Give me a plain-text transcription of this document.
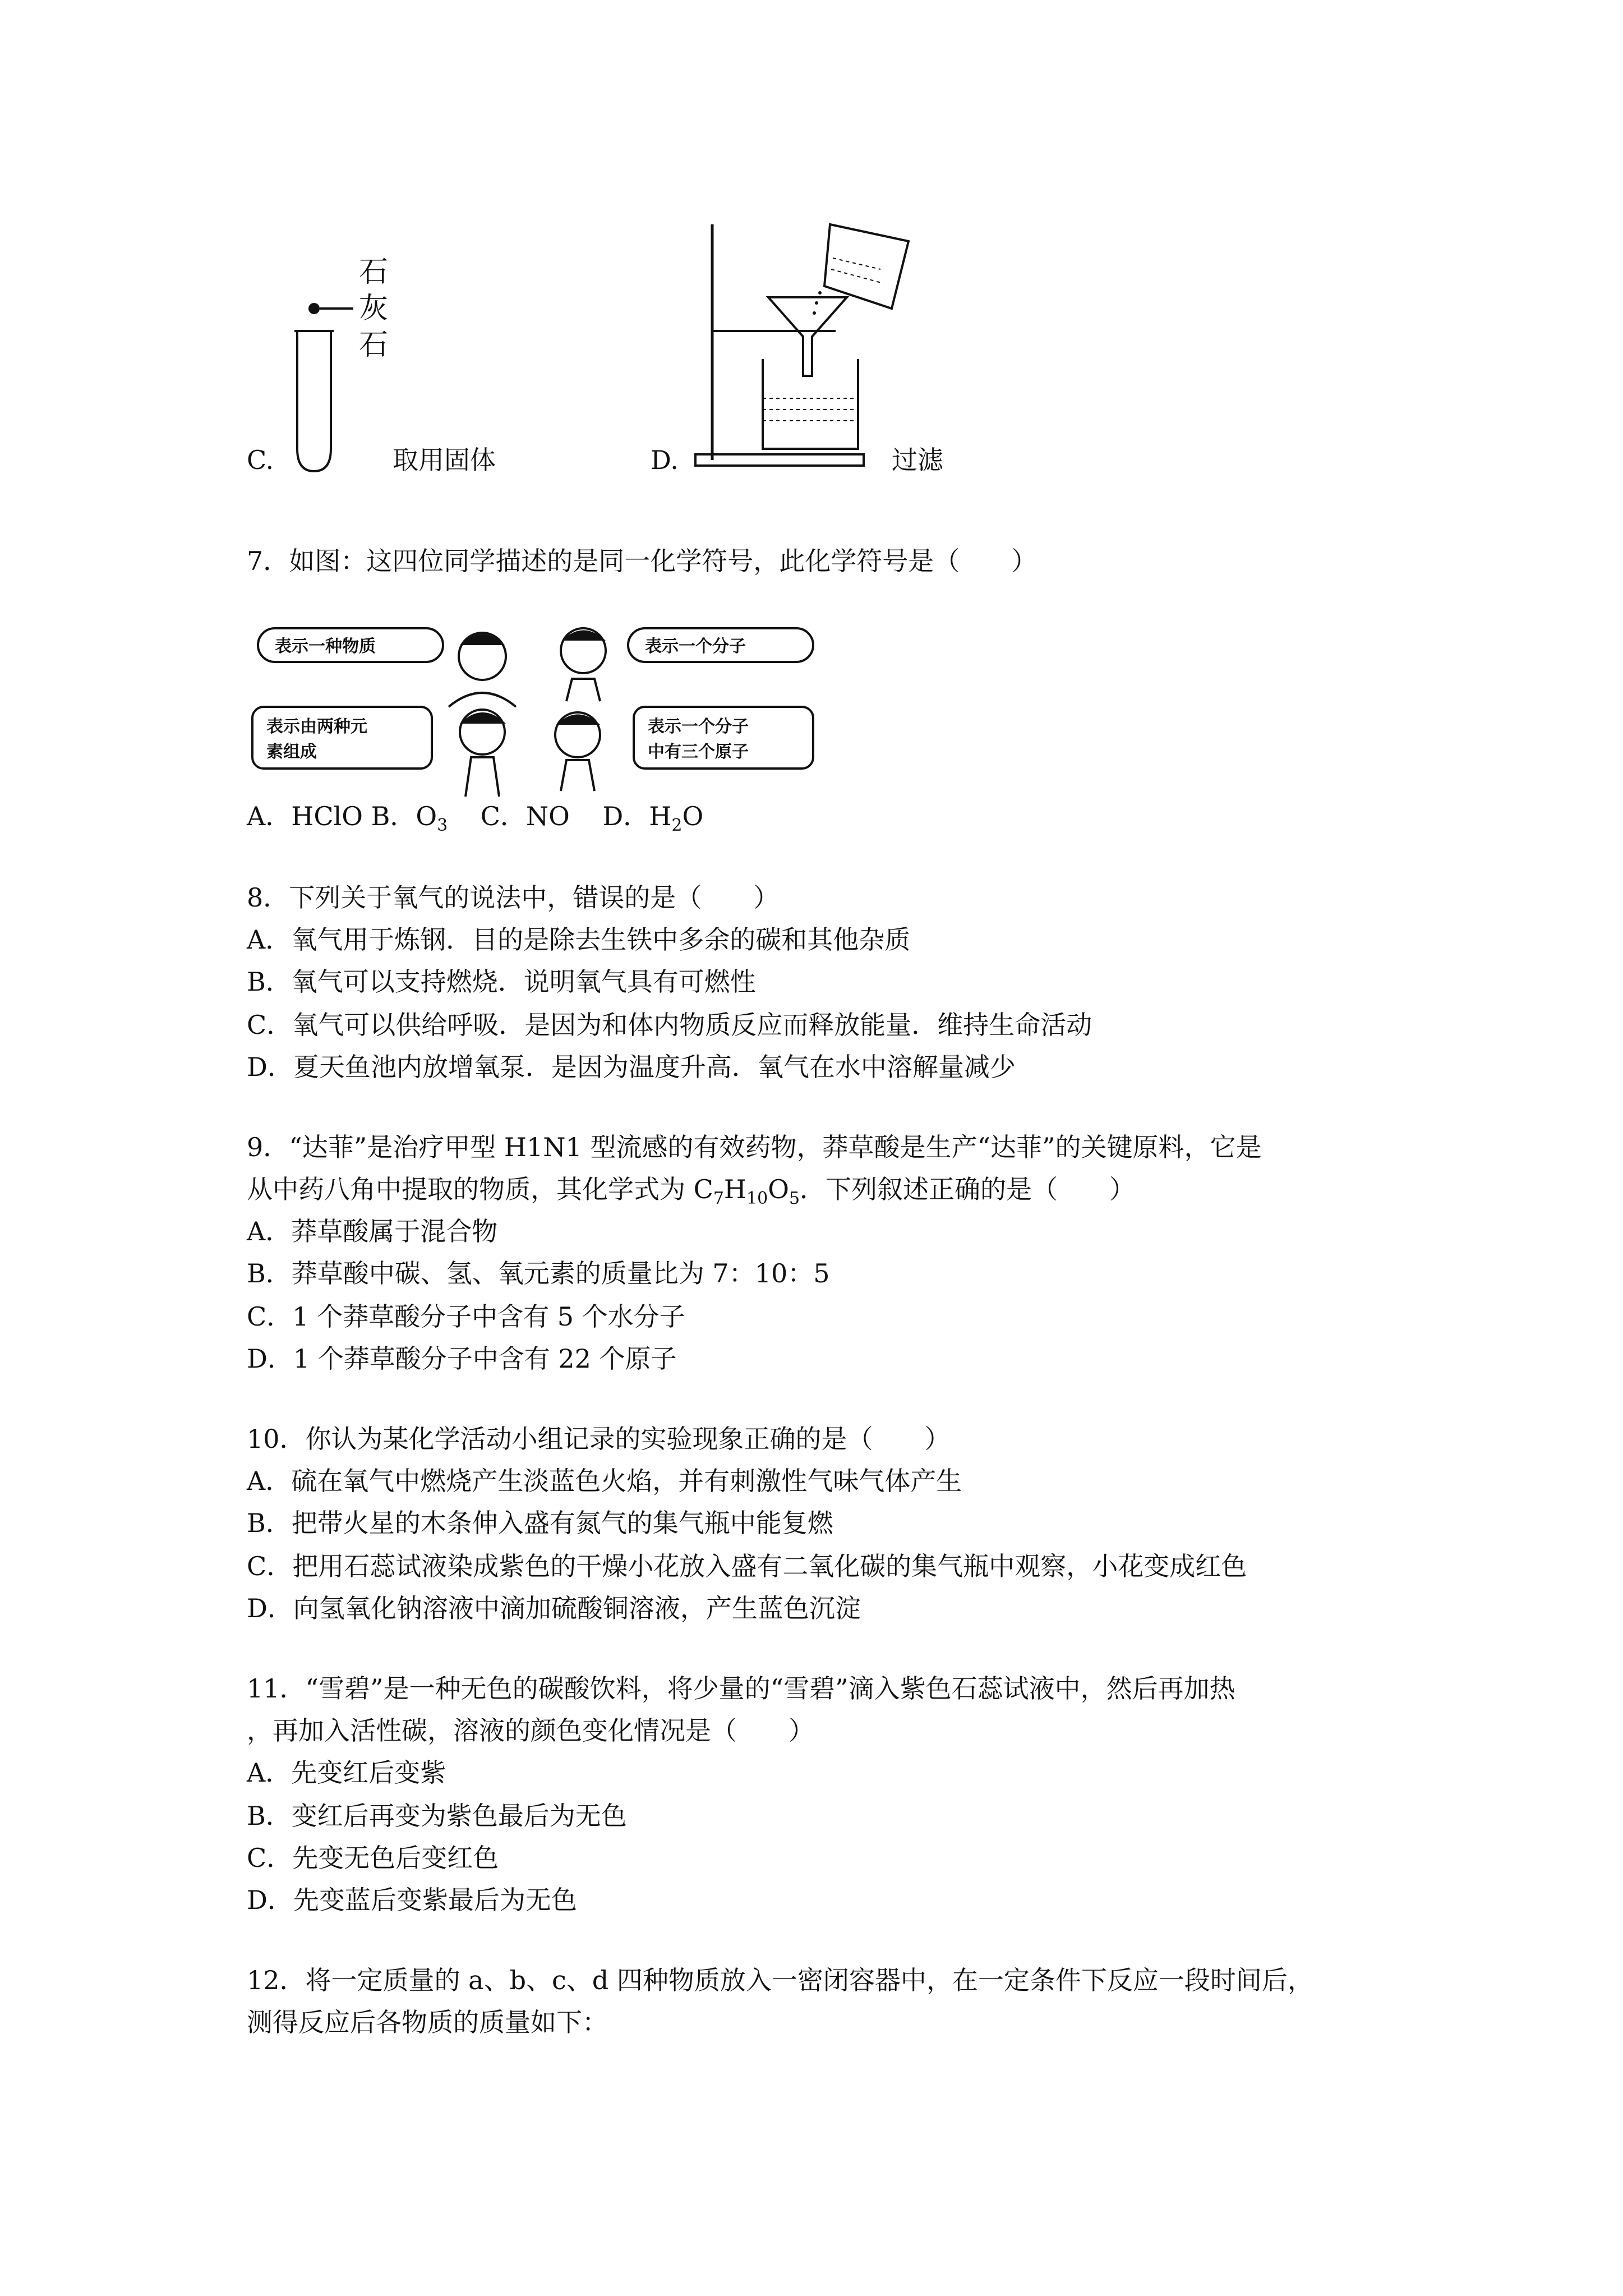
石
灰
石
C.	取用固体	D.	过滤
7．如图：这四位同学描述的是同一化学符号，此化学符号是（　　）
表示一种物质	表示一个分子
表示由两种元
素组成
表示一个分子
中有三个原子
A．HClO B．$O_3$ C．NO D．$H_2O$
8．下列关于氧气的说法中，错误的是（　　）
A．氧气用于炼钢．目的是除去生铁中多余的碳和其他杂质
B．氧气可以支持燃烧．说明氧气具有可燃性
C．氧气可以供给呼吸．是因为和体内物质反应而释放能量．维持生命活动
D．夏天鱼池内放增氧泵．是因为温度升高．氧气在水中溶解量减少
9．“达菲”是治疗甲型 H1N1 型流感的有效药物，莽草酸是生产“达菲”的关键原料，它是
从中药八角中提取的物质，其化学式为 $C_7H_{10}O_5$．下列叙述正确的是（　　）
A．莽草酸属于混合物
B．莽草酸中碳、氢、氧元素的质量比为 7：10：5
C．1 个莽草酸分子中含有 5 个水分子
D．1 个莽草酸分子中含有 22 个原子
10．你认为某化学活动小组记录的实验现象正确的是（　　）
A．硫在氧气中燃烧产生淡蓝色火焰，并有刺激性气味气体产生
B．把带火星的木条伸入盛有氮气的集气瓶中能复燃
C．把用石蕊试液染成紫色的干燥小花放入盛有二氧化碳的集气瓶中观察，小花变成红色
D．向氢氧化钠溶液中滴加硫酸铜溶液，产生蓝色沉淀
11．“雪碧”是一种无色的碳酸饮料，将少量的“雪碧”滴入紫色石蕊试液中，然后再加热
，再加入活性碳，溶液的颜色变化情况是（　　）
A．先变红后变紫
B．变红后再变为紫色最后为无色
C．先变无色后变红色
D．先变蓝后变紫最后为无色
12．将一定质量的 a、b、c、d 四种物质放入一密闭容器中，在一定条件下反应一段时间后，
测得反应后各物质的质量如下：
